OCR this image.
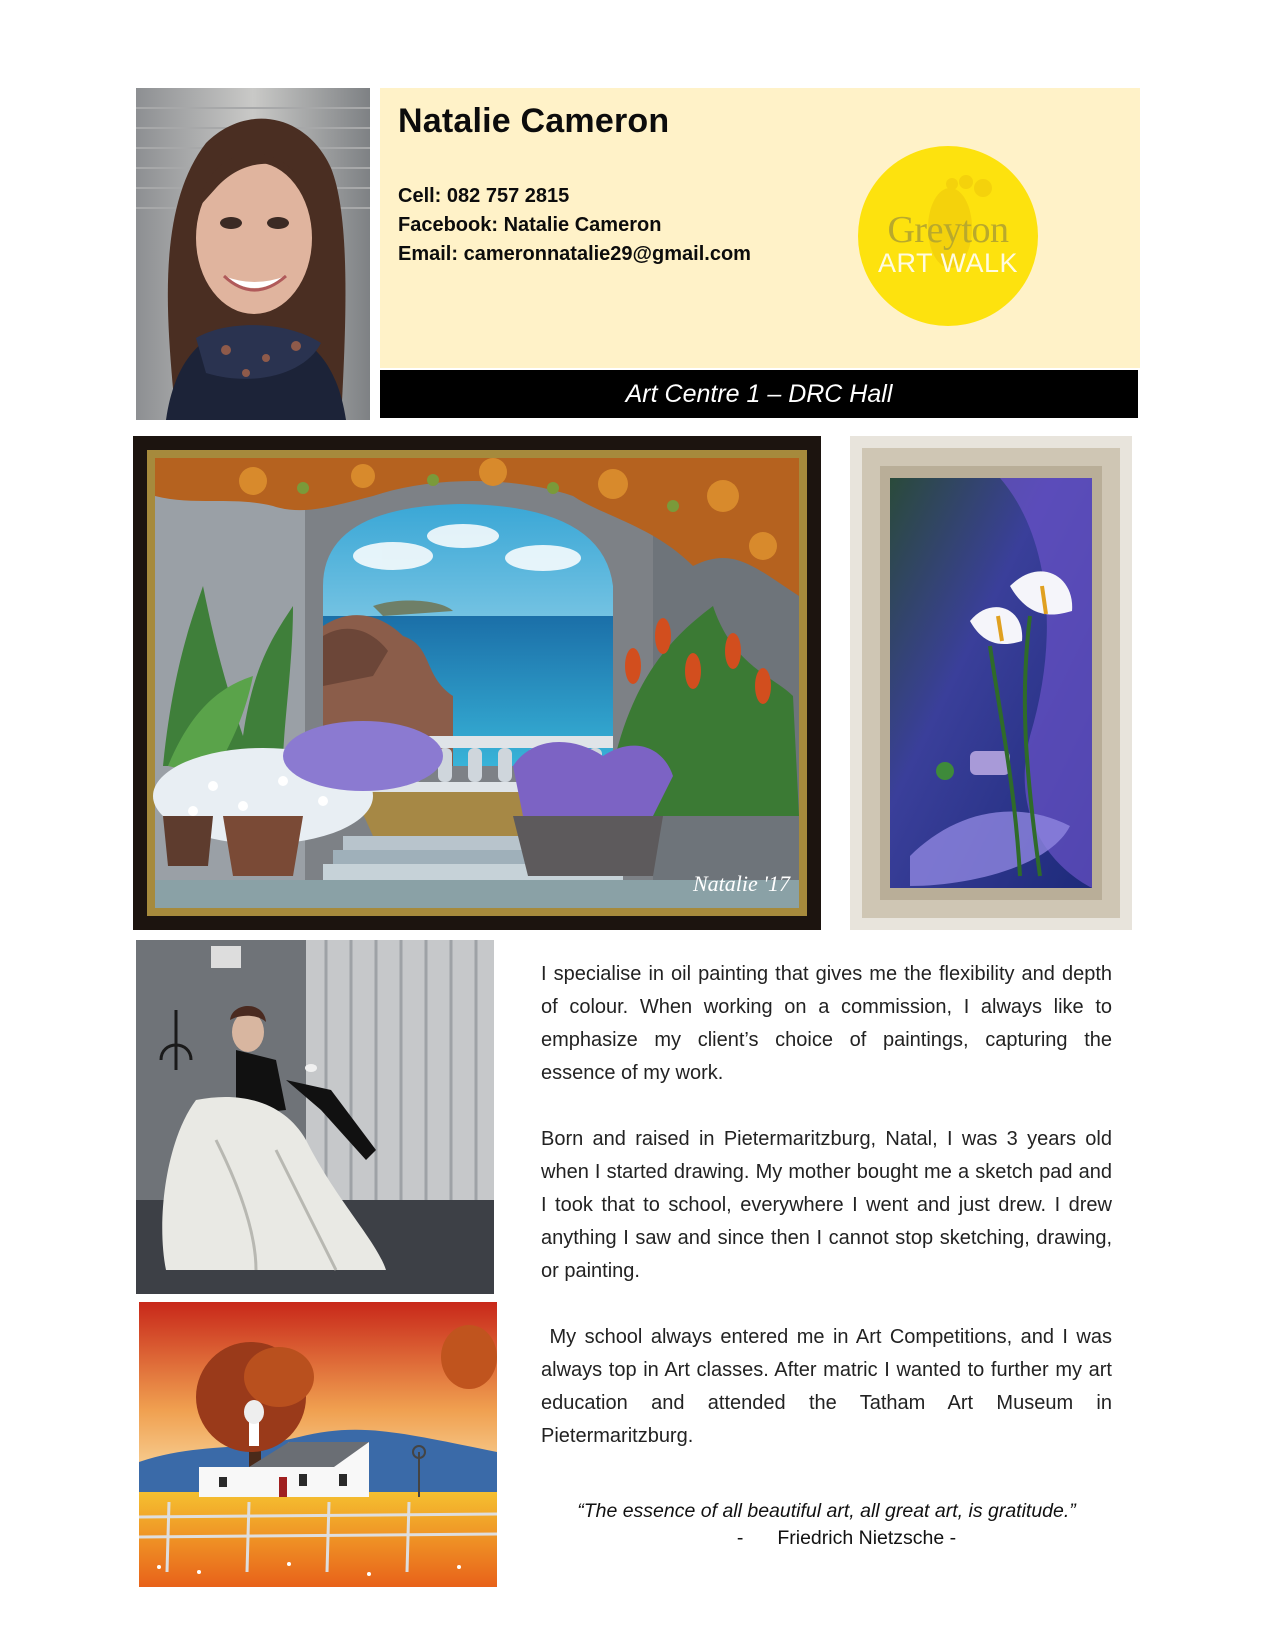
Natalie Cameron
Cell: 082 757 2815
Facebook: Natalie Cameron
Email: cameronnatalie29@gmail.com
Greyton
ART WALK
Art Centre 1 – DRC Hall
Natalie '17

I specialise in oil painting that gives me the flexibility and depth of colour. When working on a commission, I always like to emphasize my client’s choice of paintings, capturing the essence of my work.

Born and raised in Pietermaritzburg, Natal, I was 3 years old when I started drawing. My mother bought me a sketch pad and I took that to school, everywhere I went and just drew. I drew anything I saw and since then I cannot stop sketching, drawing, or painting.

My school always entered me in Art Competitions, and I was always top in Art classes. After matric I wanted to further my art education and attended the Tatham Art Museum in Pietermaritzburg.

“The essence of all beautiful art, all great art, is gratitude.”
- Friedrich Nietzsche -
